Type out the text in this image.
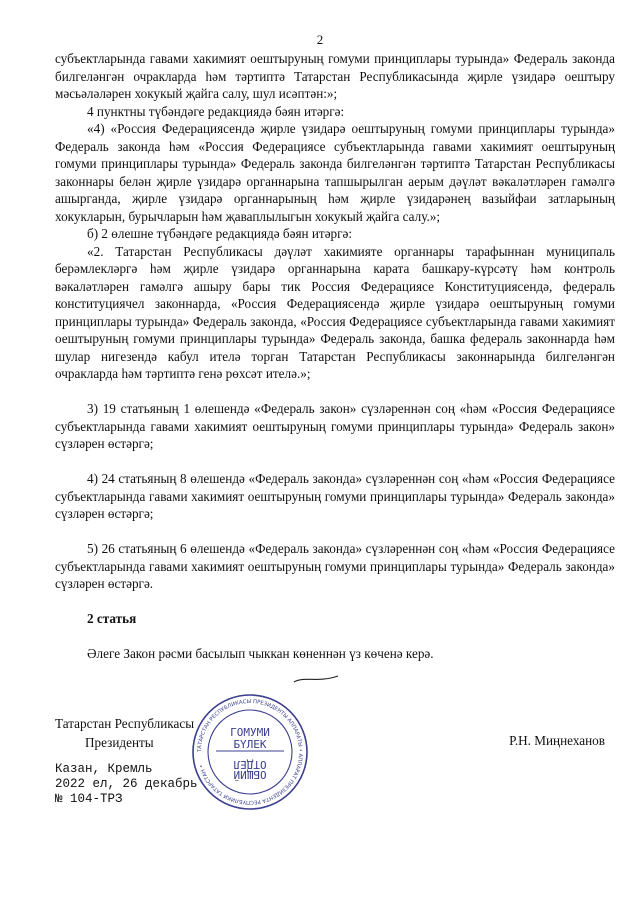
2

субъектларында гавами хакимият оештыруның гомуми принциплары турында» Федераль законда билгеләнгән очракларда һәм тәртиптә Татарстан Республикасында җирле үзидарә оештыру мәсьәләләрен хокукый җайга салу, шул исәптән:»;

4 пунктны түбәндәге редакциядә бәян итәргә:

«4) «Россия Федерациясендә җирле үзидарә оештыруның гомуми принциплары турында» Федераль законда һәм «Россия Федерациясе субъектларында гавами хакимият оештыруның гомуми принциплары турында» Федераль законда билгеләнгән тәртиптә Татарстан Республикасы законнары белән җирле үзидарә органнарына тапшырылган аерым дәүләт вәкаләтләрен гамәлгә ашырганда, җирле үзидарә органнарының һәм җирле үзидарәнең вазыйфаи затларының хокукларын, бурычларын һәм җаваплылыгын хокукый җайга салу.»;

б) 2 өлешне түбәндәге редакциядә бәян итәргә:

«2. Татарстан Республикасы дәүләт хакимияте органнары тарафыннан муниципаль берәмлекләргә һәм җирле үзидарә органнарына карата башкару-күрсәтү һәм контроль вәкаләтләрен гамәлгә ашыру бары тик Россия Федерациясе Конституциясендә, федераль конституциячел законнарда, «Россия Федерациясендә җирле үзидарә оештыруның гомуми принциплары турында» Федераль законда, «Россия Федерациясе субъектларында гавами хакимият оештыруның гомуми принциплары турында» Федераль законда, башка федераль законнарда һәм шулар нигезендә кабул ителә торган Татарстан Республикасы законнарында билгеләнгән очракларда һәм тәртиптә генә рөхсәт ителә.»;

3) 19 статьяның 1 өлешендә «Федераль закон» сүзләреннән соң «һәм «Россия Федерациясе субъектларында гавами хакимият оештыруның гомуми принциплары турында» Федераль закон» сүзләрен өстәргә;

4) 24 статьяның 8 өлешендә «Федераль законда» сүзләреннән соң «һәм «Россия Федерациясе субъектларында гавами хакимият оештыруның гомуми принциплары турында» Федераль законда» сүзләрен өстәргә;

5) 26 статьяның 6 өлешендә «Федераль законда» сүзләреннән соң «һәм «Россия Федерациясе субъектларында гавами хакимият оештыруның гомуми принциплары турында» Федераль законда» сүзләрен өстәргә.

2 статья

Әлеге Закон рәсми басылып чыккан көненнән үз көченә керә.

Татарстан Республикасы
Президенты	Р.Н. Миңнеханов
Казан, Кремль
2022 ел, 26 декабрь
№ 104-ТРЗ
ТАТАРСТАН РЕСПУБЛИКАСЫ ПРЕЗИДЕНТЫ АППАРАТЫ • АППАРАТ ПРЕЗИДЕНТА РЕСПУБЛИКИ ТАТАРСТАН •
ГОМУМИ
БҮЛЕК
ОТДЕЛ
ОБЩИЙ
